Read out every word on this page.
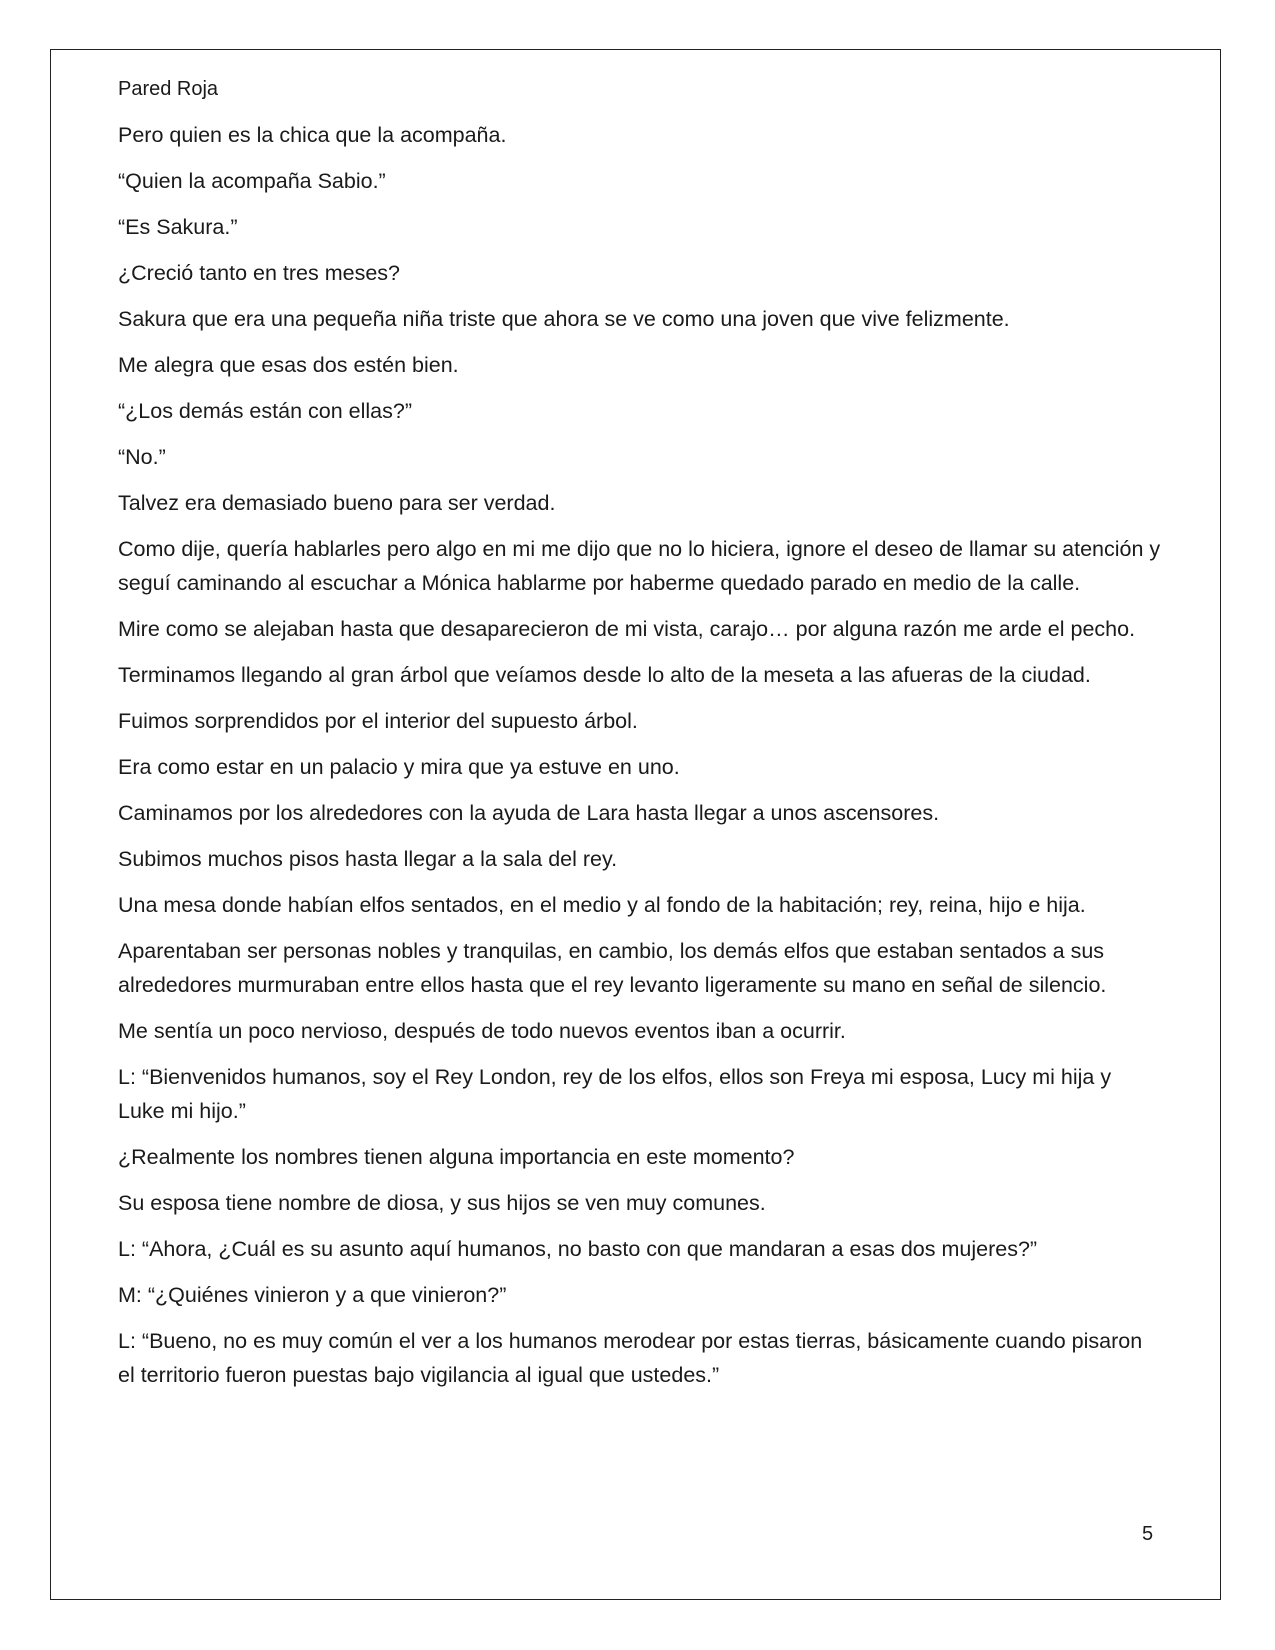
Pared Roja

Pero quien es la chica que la acompaña.

“Quien la acompaña Sabio.”

“Es Sakura.”

¿Creció tanto en tres meses?

Sakura que era una pequeña niña triste que ahora se ve como una joven que vive felizmente.

Me alegra que esas dos estén bien.

“¿Los demás están con ellas?”

“No.”

Talvez era demasiado bueno para ser verdad.

Como dije, quería hablarles pero algo en mi me dijo que no lo hiciera, ignore el deseo de llamar su atención y seguí caminando al escuchar a Mónica hablarme por haberme quedado parado en medio de la calle.

Mire como se alejaban hasta que desaparecieron de mi vista, carajo… por alguna razón me arde el pecho.

Terminamos llegando al gran árbol que veíamos desde lo alto de la meseta a las afueras de la ciudad.

Fuimos sorprendidos por el interior del supuesto árbol.

Era como estar en un palacio y mira que ya estuve en uno.

Caminamos por los alrededores con la ayuda de Lara hasta llegar a unos ascensores.

Subimos muchos pisos hasta llegar a la sala del rey.

Una mesa donde habían elfos sentados, en el medio y al fondo de la habitación; rey, reina, hijo e hija.

Aparentaban ser personas nobles y tranquilas, en cambio, los demás elfos que estaban sentados a sus alrededores murmuraban entre ellos hasta que el rey levanto ligeramente su mano en señal de silencio.

Me sentía un poco nervioso, después de todo nuevos eventos iban a ocurrir.

L: “Bienvenidos humanos, soy el Rey London, rey de los elfos, ellos son Freya mi esposa, Lucy mi hija y Luke mi hijo.”

¿Realmente los nombres tienen alguna importancia en este momento?

Su esposa tiene nombre de diosa, y sus hijos se ven muy comunes.

L: “Ahora, ¿Cuál es su asunto aquí humanos, no basto con que mandaran a esas dos mujeres?”

M: “¿Quiénes vinieron y a que vinieron?”

L: “Bueno, no es muy común el ver a los humanos merodear por estas tierras, básicamente cuando pisaron el territorio fueron puestas bajo vigilancia al igual que ustedes.”

5
